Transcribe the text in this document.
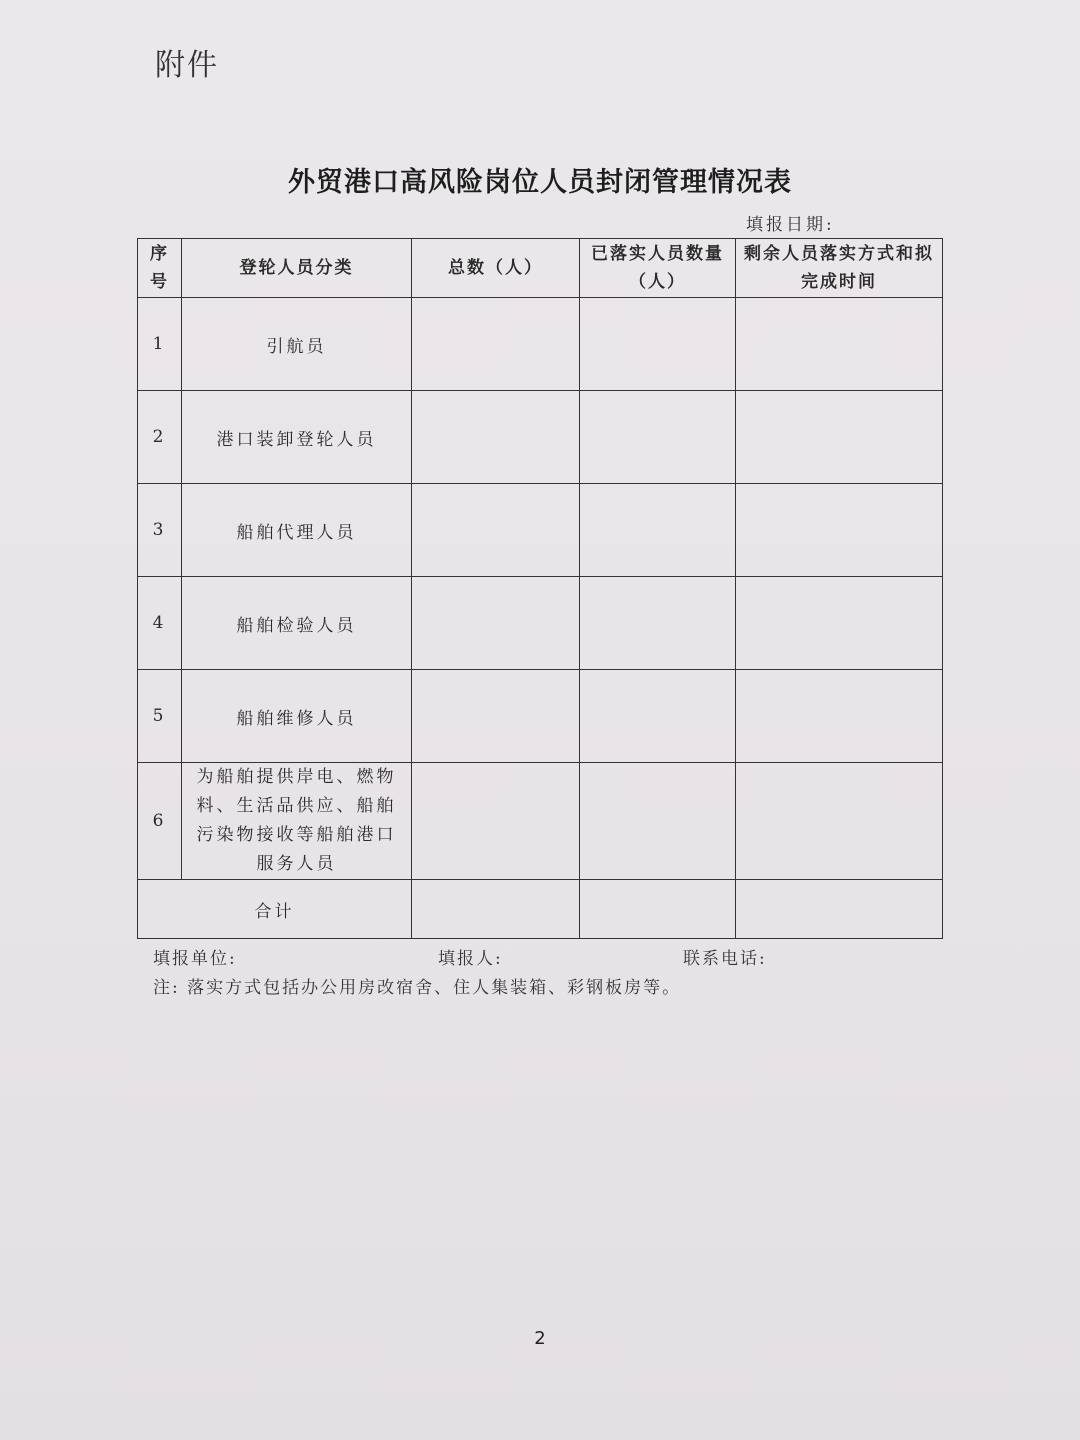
附件
外贸港口高风险岗位人员封闭管理情况表
填报日期:
序号	登轮人员分类	总数（人）	已落实人员数量（人）	剩余人员落实方式和拟完成时间
1	引航员			
2	港口装卸登轮人员			
3	船舶代理人员			
4	船舶检验人员			
5	船舶维修人员			
6	为船舶提供岸电、燃物料、生活品供应、船舶污染物接收等船舶港口服务人员			
合计				
填报单位:	填报人:	联系电话:
注: 落实方式包括办公用房改宿舍、住人集装箱、彩钢板房等。
2
